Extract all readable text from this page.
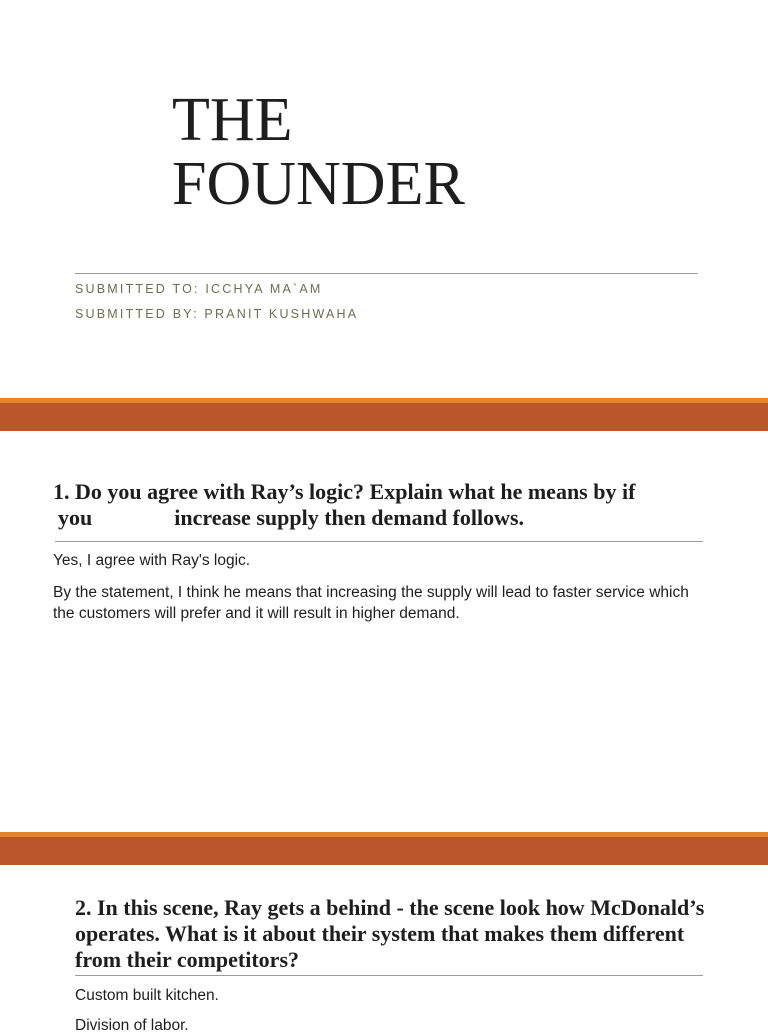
THE
FOUNDER
SUBMITTED TO: ICCHYA MA`AM
SUBMITTED BY: PRANIT KUSHWAHA
1. Do you agree with Ray’s logic? Explain what he means by if
you	increase supply then demand follows.
Yes, I agree with Ray's logic.
By the statement, I think he means that increasing the supply will lead to faster service which the customers will prefer and it will result in higher demand.
2. In this scene, Ray gets a behind - the scene look how McDonald’s operates. What is it about their system that makes them different from their competitors?
Custom built kitchen.
Division of labor.
